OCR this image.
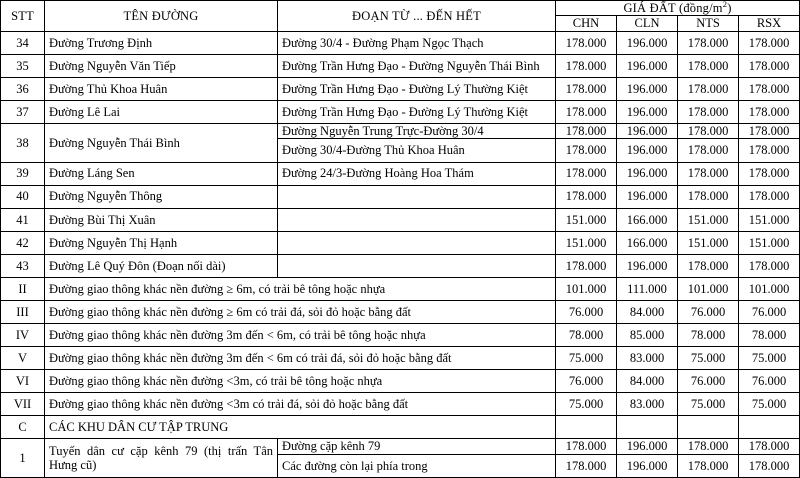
STT	TÊN ĐƯỜNG	ĐOẠN TỪ ... ĐẾN HẾT	GIÁ ĐẤT $(đồng/m^2)$			
			CHN	CLN	NTS	RSX
34	Đường Trương Định	Đường 30/4 - Đường Phạm Ngọc Thạch	178.000	196.000	178.000	178.000
35	Đường Nguyễn Văn Tiếp	Đường Trần Hưng Đạo - Đường Nguyễn Thái Bình	178.000	196.000	178.000	178.000
36	Đường Thủ Khoa Huân	Đường Trần Hưng Đạo - Đường Lý Thường Kiệt	178.000	196.000	178.000	178.000
37	Đường Lê Lai	Đường Trần Hưng Đạo - Đường Lý Thường Kiệt	178.000	196.000	178.000	178.000
38	Đường Nguyễn Thái Bình	Đường Nguyễn Trung Trực-Đường 30/4	178.000	196.000	178.000	178.000
		Đường 30/4-Đường Thủ Khoa Huân	178.000	196.000	178.000	178.000
39	Đường Láng Sen	Đường 24/3-Đường Hoàng Hoa Thám	178.000	196.000	178.000	178.000
40	Đường Nguyễn Thông		178.000	196.000	178.000	178.000
41	Đường Bùi Thị Xuân		151.000	166.000	151.000	151.000
42	Đường Nguyễn Thị Hạnh		151.000	166.000	151.000	151.000
43	Đường Lê Quý Đôn (Đoạn nối dài)		178.000	196.000	178.000	178.000
II	Đường giao thông khác nền đường ≥ 6m, có trải bê tông hoặc nhựa		101.000	111.000	101.000	101.000
III	Đường giao thông khác nền đường ≥ 6m có trải đá, sỏi đỏ hoặc bằng đất		76.000	84.000	76.000	76.000
IV	Đường giao thông khác nền đường 3m đến < 6m, có trải bê tông hoặc nhựa		78.000	85.000	78.000	78.000
V	Đường giao thông khác nền đường 3m đến < 6m có trải đá, sỏi đỏ hoặc bằng đất		75.000	83.000	75.000	75.000
VI	Đường giao thông khác nền đường <3m, có trải bê tông hoặc nhựa		76.000	84.000	76.000	76.000
VII	Đường giao thông khác nền đường <3m có trải đá, sỏi đỏ hoặc bằng đất		75.000	83.000	75.000	75.000
C	CÁC KHU DÂN CƯ TẬP TRUNG					
1	Tuyến dân cư cặp kênh 79 (thị trấn Tân Hưng cũ)	Đường cặp kênh 79	178.000	196.000	178.000	178.000
		Các đường còn lại phía trong	178.000	196.000	178.000	178.000
